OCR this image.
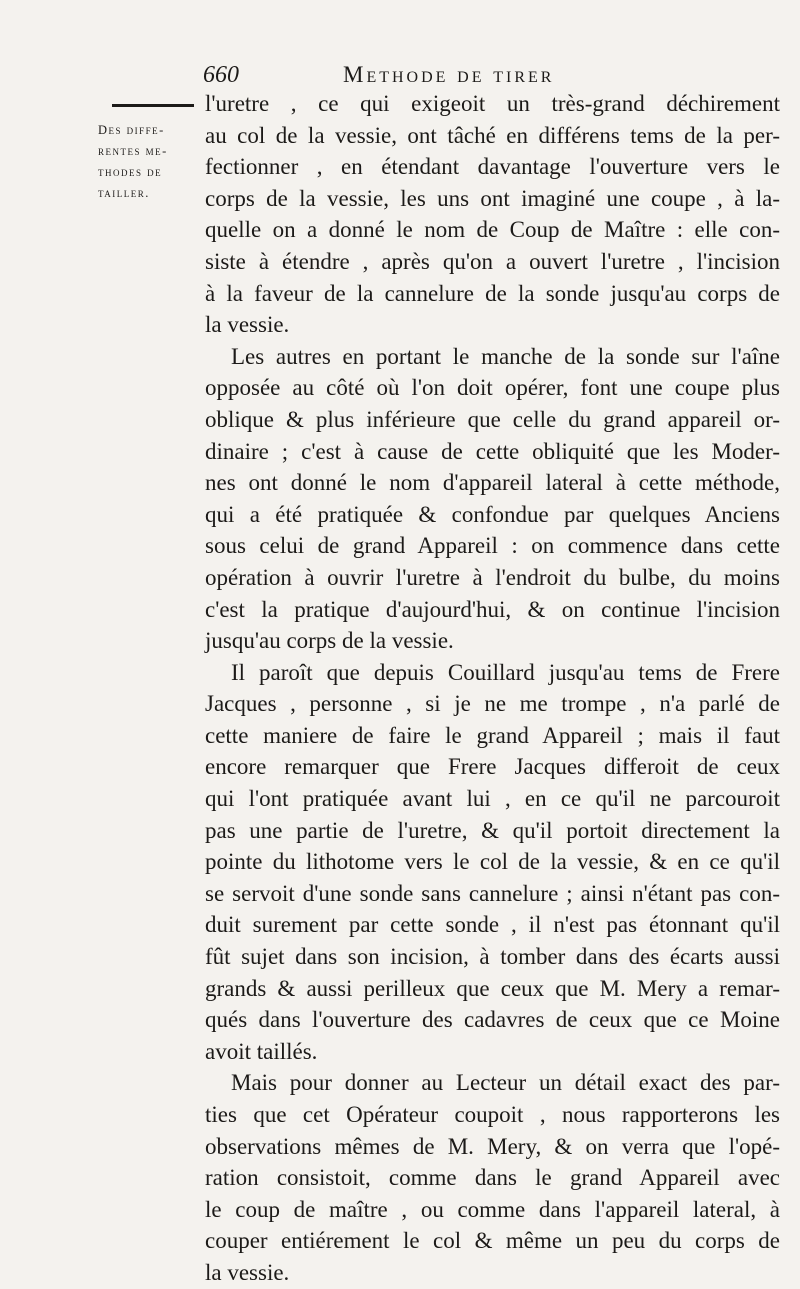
660	Methode de tirer
Des diffe-
rentes me-
thodes de
tailler.
l'uretre , ce qui exigeoit un très-grand déchirement
au col de la vessie, ont tâché en différens tems de la per-
fectionner , en étendant davantage l'ouverture vers le
corps de la vessie, les uns ont imaginé une coupe , à la-
quelle on a donné le nom de Coup de Maître : elle con-
siste à étendre , après qu'on a ouvert l'uretre , l'incision
à la faveur de la cannelure de la sonde jusqu'au corps de
la vessie.
Les autres en portant le manche de la sonde sur l'aîne
opposée au côté où l'on doit opérer, font une coupe plus
oblique & plus inférieure que celle du grand appareil or-
dinaire ; c'est à cause de cette obliquité que les Moder-
nes ont donné le nom d'appareil lateral à cette méthode,
qui a été pratiquée & confondue par quelques Anciens
sous celui de grand Appareil : on commence dans cette
opération à ouvrir l'uretre à l'endroit du bulbe, du moins
c'est la pratique d'aujourd'hui, & on continue l'incision
jusqu'au corps de la vessie.
Il paroît que depuis Couillard jusqu'au tems de Frere
Jacques , personne , si je ne me trompe , n'a parlé de
cette maniere de faire le grand Appareil ; mais il faut
encore remarquer que Frere Jacques differoit de ceux
qui l'ont pratiquée avant lui , en ce qu'il ne parcouroit
pas une partie de l'uretre, & qu'il portoit directement la
pointe du lithotome vers le col de la vessie, & en ce qu'il
se servoit d'une sonde sans cannelure ; ainsi n'étant pas con-
duit surement par cette sonde , il n'est pas étonnant qu'il
fût sujet dans son incision, à tomber dans des écarts aussi
grands & aussi perilleux que ceux que M. Mery a remar-
qués dans l'ouverture des cadavres de ceux que ce Moine
avoit taillés.
Mais pour donner au Lecteur un détail exact des par-
ties que cet Opérateur coupoit , nous rapporterons les
observations mêmes de M. Mery, & on verra que l'opé-
ration consistoit, comme dans le grand Appareil avec
le coup de maître , ou comme dans l'appareil lateral, à
couper entiérement le col & même un peu du corps de
la vessie.
